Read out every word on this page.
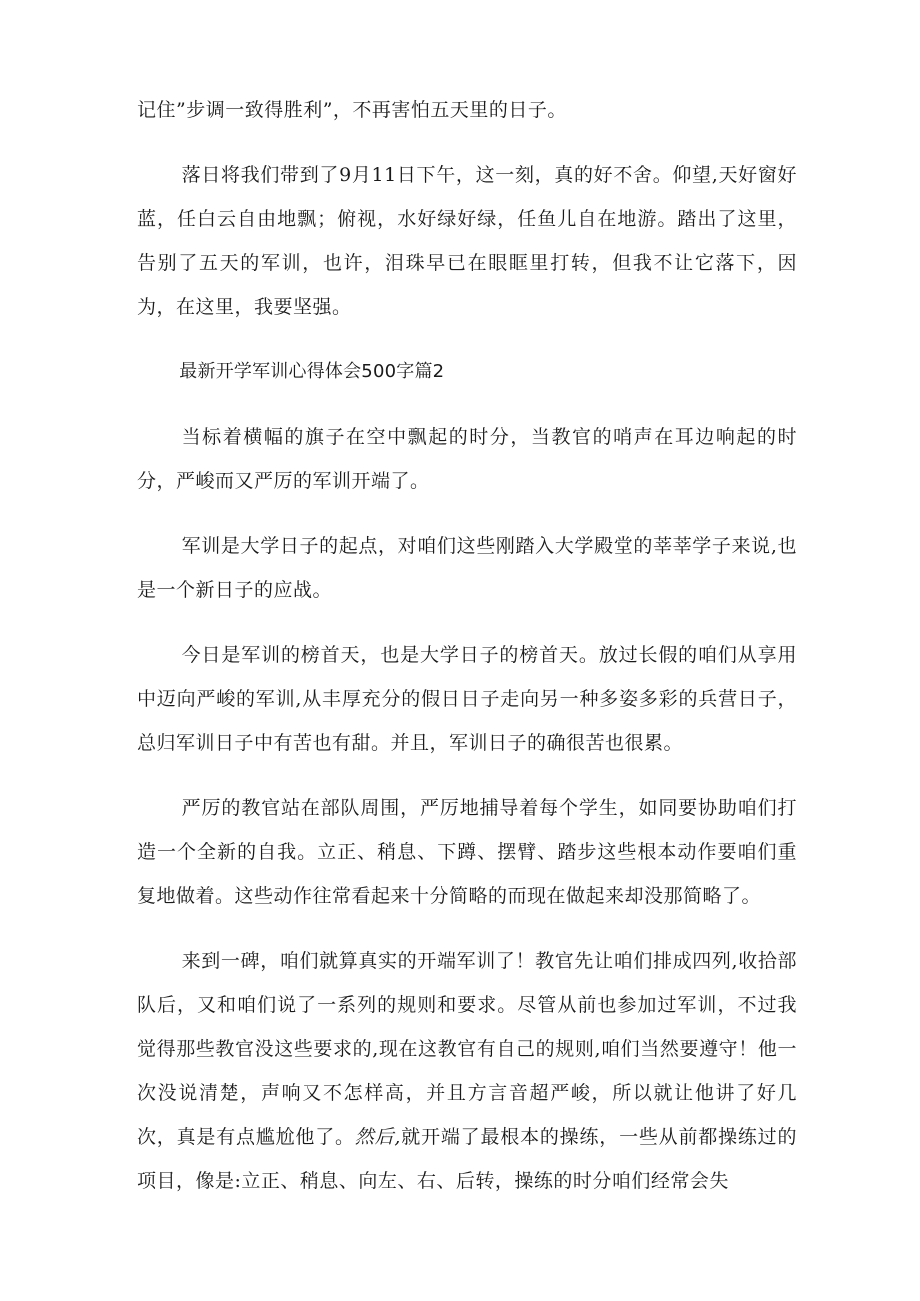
记住”步调一致得胜利”，不再害怕五天里的日子。

落日将我们带到了9月11日下午，这一刻，真的好不舍。仰望,天好窗好蓝，任白云自由地飘；俯视，水好绿好绿，任鱼儿自在地游。踏出了这里，告别了五天的军训，也许，泪珠早已在眼眶里打转，但我不让它落下，因为，在这里，我要坚强。

最新开学军训心得体会500字篇2

当标着横幅的旗子在空中飘起的时分，当教官的哨声在耳边响起的时分，严峻而又严厉的军训开端了。

军训是大学日子的起点，对咱们这些刚踏入大学殿堂的莘莘学子来说,也是一个新日子的应战。

今日是军训的榜首天，也是大学日子的榜首天。放过长假的咱们从享用中迈向严峻的军训,从丰厚充分的假日日子走向另一种多姿多彩的兵营日子，总归军训日子中有苦也有甜。并且，军训日子的确很苦也很累。

严厉的教官站在部队周围，严厉地捕导着每个学生，如同要协助咱们打造一个全新的自我。立正、稍息、下蹲、摆臂、踏步这些根本动作要咱们重复地做着。这些动作往常看起来十分简略的而现在做起来却没那简略了。

来到一碑，咱们就算真实的开端军训了！教官先让咱们排成四列,收拾部队后，又和咱们说了一系列的规则和要求。尽管从前也参加过军训，不过我觉得那些教官没这些要求的,现在这教官有自己的规则,咱们当然要遵守！他一次没说清楚，声响又不怎样高，并且方言音超严峻，所以就让他讲了好几次，真是有点尴尬他了。然后,就开端了最根本的操练，一些从前都操练过的项目，像是:立正、稍息、向左、右、后转，操练的时分咱们经常会失
